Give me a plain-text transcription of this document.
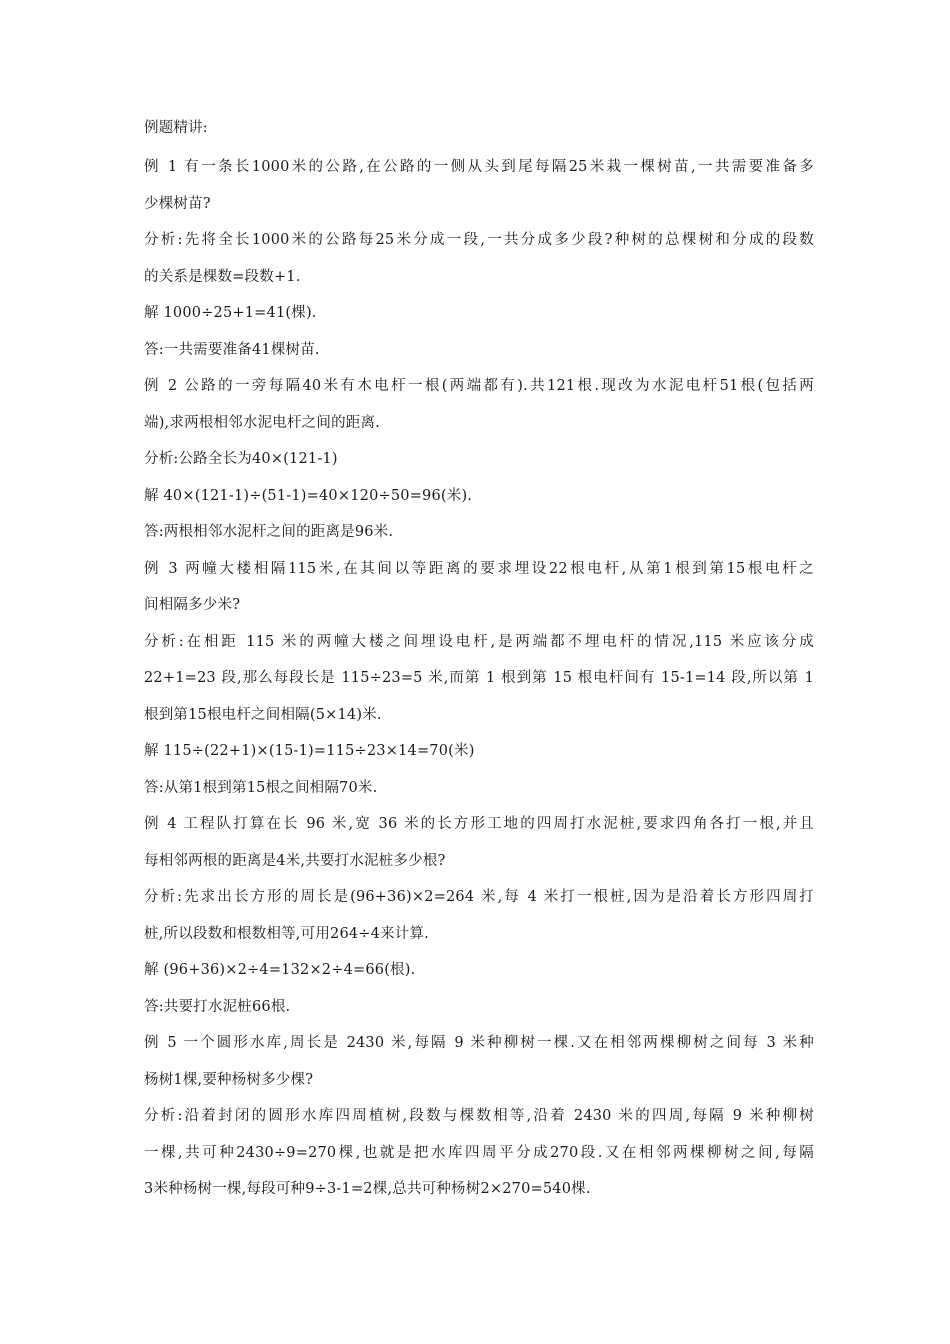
例题精讲:
例 1 有一条长1000米的公路,在公路的一侧从头到尾每隔25米栽一棵树苗,一共需要准备多
少棵树苗?
分析:先将全长1000米的公路每25米分成一段,一共分成多少段?种树的总棵树和分成的段数
的关系是棵数=段数+1.
解 1000÷25+1=41(棵).
答:一共需要准备41棵树苗.
例 2 公路的一旁每隔40米有木电杆一根(两端都有).共121根.现改为水泥电杆51根(包括两
端),求两根相邻水泥电杆之间的距离.
分析:公路全长为40×(121-1)
解 40×(121-1)÷(51-1)=40×120÷50=96(米).
答:两根相邻水泥杆之间的距离是96米.
例 3 两幢大楼相隔115米,在其间以等距离的要求埋设22根电杆,从第1根到第15根电杆之
间相隔多少米?
分析:在相距 115 米的两幢大楼之间埋设电杆,是两端都不埋电杆的情况,115 米应该分成
22+1=23 段,那么每段长是 115÷23=5 米,而第 1 根到第 15 根电杆间有 15-1=14 段,所以第 1
根到第15根电杆之间相隔(5×14)米.
解 115÷(22+1)×(15-1)=115÷23×14=70(米)
答:从第1根到第15根之间相隔70米.
例 4 工程队打算在长 96 米,宽 36 米的长方形工地的四周打水泥桩,要求四角各打一根,并且
每相邻两根的距离是4米,共要打水泥桩多少根?
分析:先求出长方形的周长是(96+36)×2=264 米,每 4 米打一根桩,因为是沿着长方形四周打
桩,所以段数和根数相等,可用264÷4来计算.
解 (96+36)×2÷4=132×2÷4=66(根).
答:共要打水泥桩66根.
例 5 一个圆形水库,周长是 2430 米,每隔 9 米种柳树一棵.又在相邻两棵柳树之间每 3 米种
杨树1棵,要种杨树多少棵?
分析:沿着封闭的圆形水库四周植树,段数与棵数相等,沿着 2430 米的四周,每隔 9 米种柳树
一棵,共可种2430÷9=270棵,也就是把水库四周平分成270段.又在相邻两棵柳树之间,每隔
3米种杨树一棵,每段可种9÷3-1=2棵,总共可种杨树2×270=540棵.
